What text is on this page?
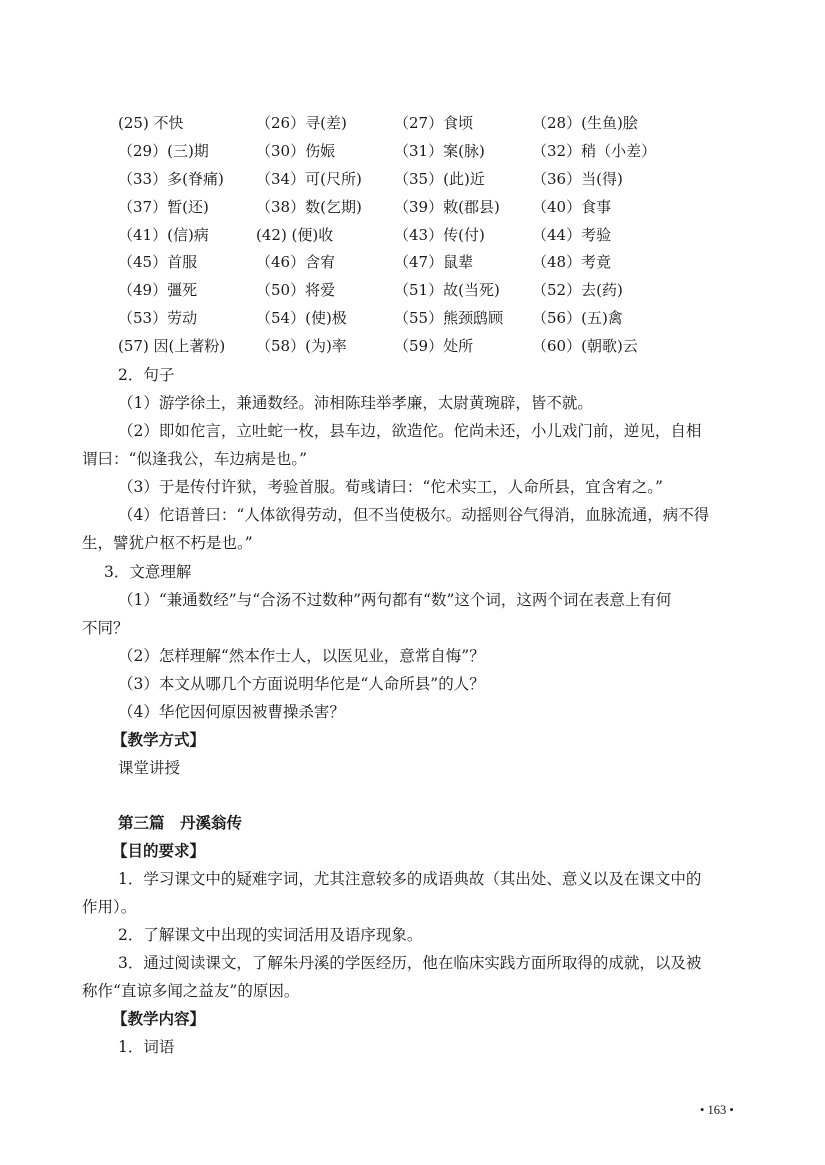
(25) 不快	（26）寻(差)	（27）食顷	（28）(生鱼)脍
（29）(三)期	（30）伤娠	（31）案(脉)	（32）稍（小差）
（33）多(脊痛) （34）可(尺所) （35）(此)近	（36）当(得)
（37）暂(还)	（38）数(乞期) （39）敕(郡县) （40）食事
（41）(信)病	(42) (便)收	（43）传(付)	（44）考验
（45）首服	（46）含宥	（47）鼠辈	（48）考竟
（49）彊死	（50）将爱	（51）故(当死) （52）去(药)
（53）劳动	（54）(使)极	（55）熊颈鸱顾 （56）(五)禽
(57) 因(上著粉) （58）(为)率	（59）处所	（60）(朝歌)云
2．句子
（1）游学徐土，兼通数经。沛相陈珪举孝廉，太尉黄琬辟，皆不就。
（2）即如佗言，立吐蛇一枚，县车边，欲造佗。佗尚未还，小儿戏门前，逆见，自相
谓曰：“似逢我公，车边病是也。”
（3）于是传付许狱，考验首服。荀彧请曰：“佗术实工，人命所县，宜含宥之。”
（4）佗语普曰：“人体欲得劳动，但不当使极尔。动摇则谷气得消，血脉流通，病不得
生，譬犹户枢不朽是也。”
3．文意理解
（1）“兼通数经”与“合汤不过数种”两句都有“数”这个词，这两个词在表意上有何
不同？
（2）怎样理解“然本作士人，以医见业，意常自悔”？
（3）本文从哪几个方面说明华佗是“人命所县”的人？
（4）华佗因何原因被曹操杀害？
【教学方式】
课堂讲授
第三篇　丹溪翁传
【目的要求】
1．学习课文中的疑难字词，尤其注意较多的成语典故（其出处、意义以及在课文中的
作用）。
2．了解课文中出现的实词活用及语序现象。
3．通过阅读课文，了解朱丹溪的学医经历，他在临床实践方面所取得的成就，以及被
称作“直谅多闻之益友”的原因。
【教学内容】
1．词语
• 163 •
